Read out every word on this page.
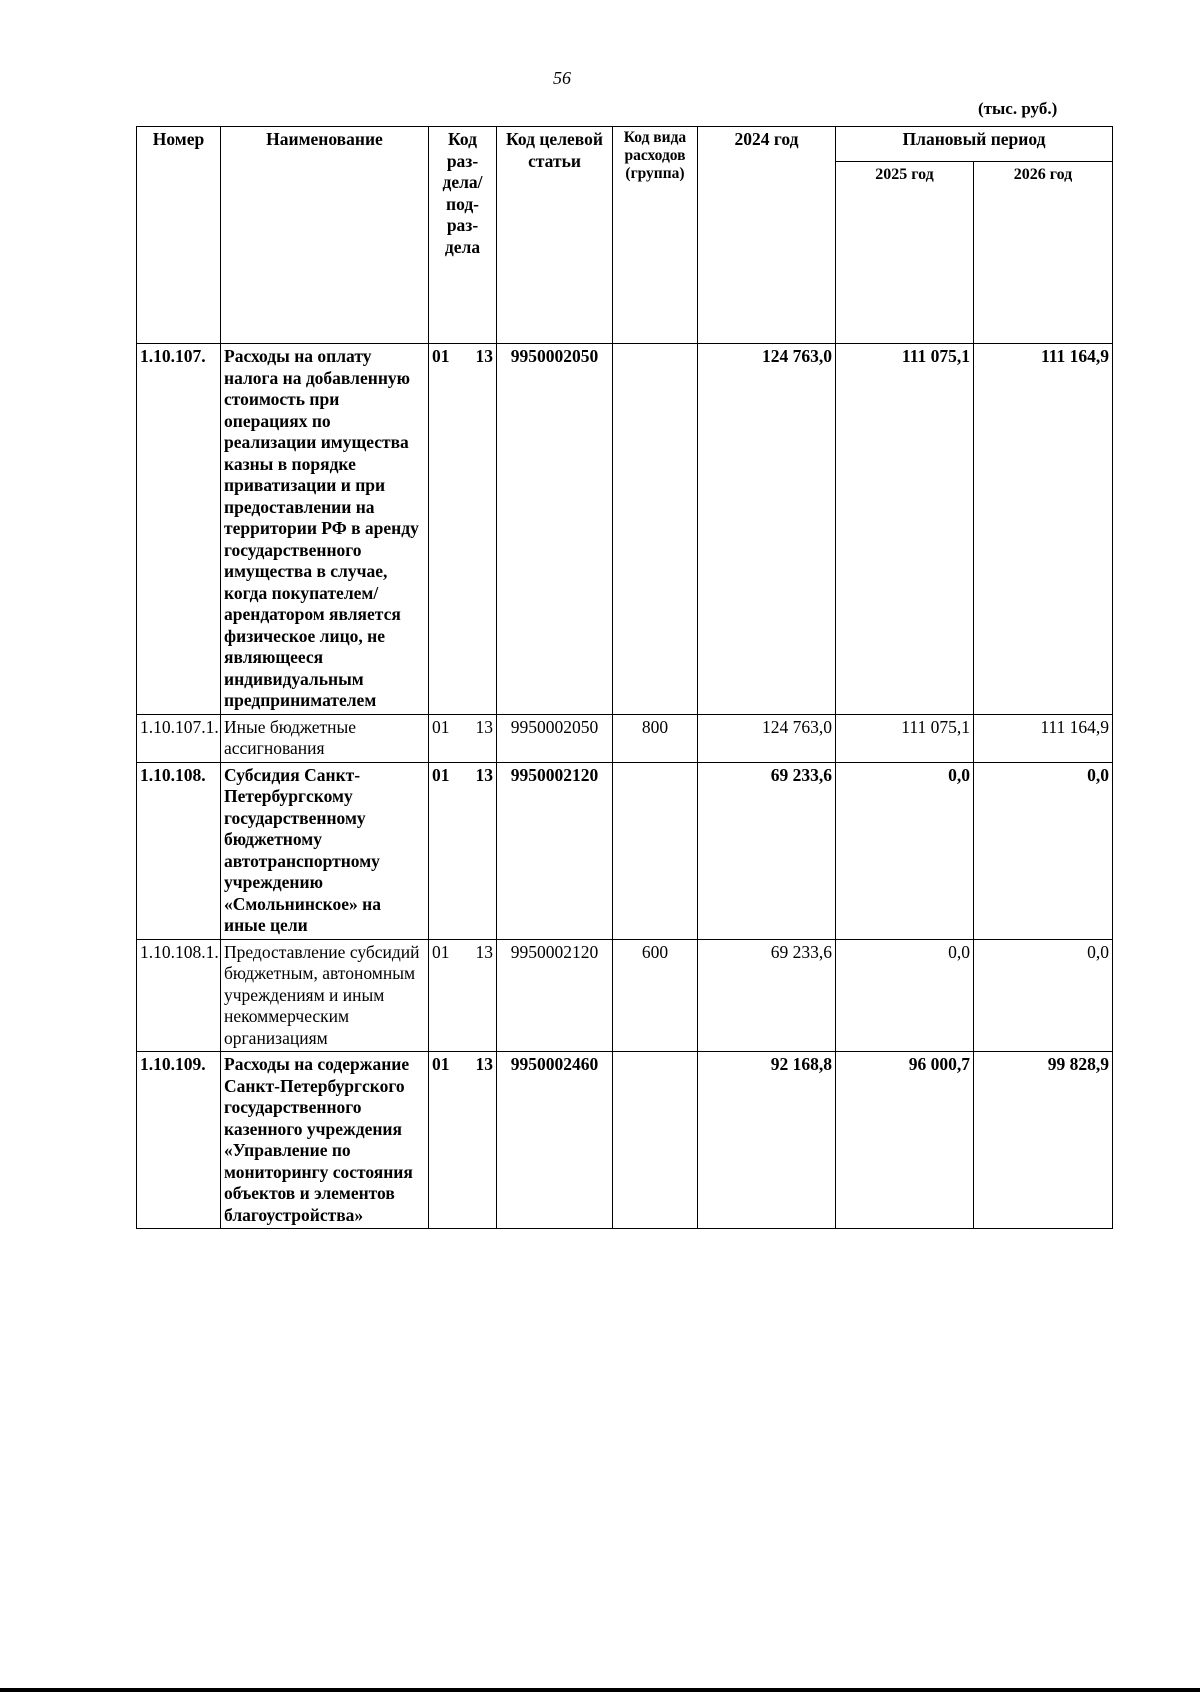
56
(тыс. руб.)
Номер	Наименование	Код раз-дела/ под-раз-дела	Код целевой статьи	Код вида расходов (группа)	2024 год	Плановый период	
						2025 год	2026 год
1.10.107.	Расходы на оплату налога на добавленную стоимость при операциях по реализации имущества казны в порядке приватизации и при предоставлении на территории РФ в аренду государственного имущества в случае, когда покупателем/арендатором является физическое лицо, не являющееся индивидуальным предпринимателем	01 13	9950002050		124 763,0	111 075,1	111 164,9
1.10.107.1.	Иные бюджетные ассигнования	01 13	9950002050	800	124 763,0	111 075,1	111 164,9
1.10.108.	Субсидия Санкт-Петербургскому государственному бюджетному автотранспортному учреждению «Смольнинское» на иные цели	01 13	9950002120		69 233,6	0,0	0,0
1.10.108.1.	Предоставление субсидий бюджетным, автономным учреждениям и иным некоммерческим организациям	01 13	9950002120	600	69 233,6	0,0	0,0
1.10.109.	Расходы на содержание Санкт-Петербургского государственного казенного учреждения «Управление по мониторингу состояния объектов и элементов благоустройства»	01 13	9950002460		92 168,8	96 000,7	99 828,9
